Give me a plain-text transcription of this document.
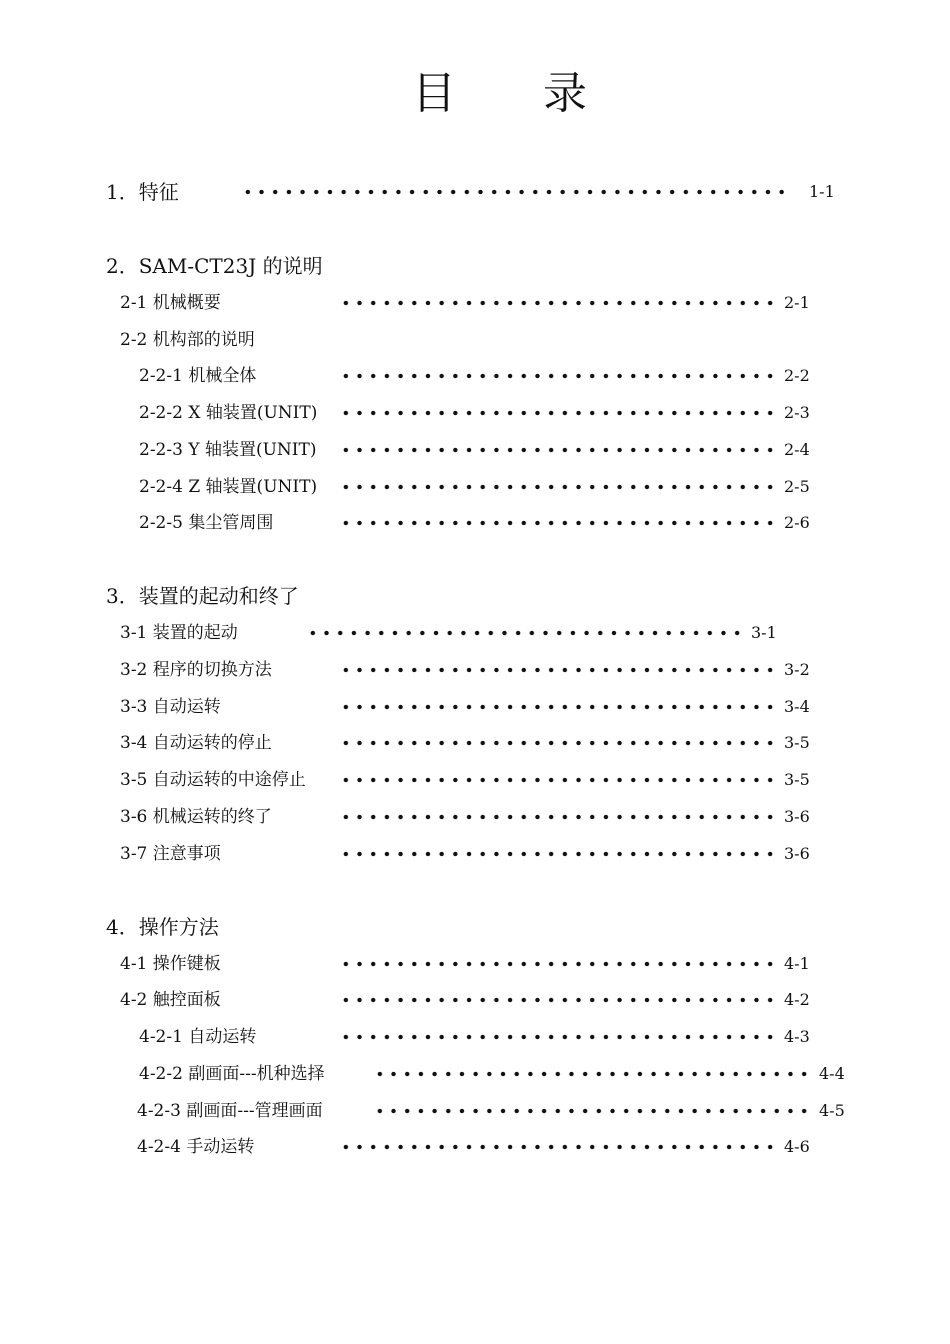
目 录
1．特征	1-1
2．SAM-CT23J 的说明
2-1 机械概要	2-1
2-2 机构部的说明
2-2-1 机械全体	2-2
2-2-2 X 轴装置(UNIT)	2-3
2-2-3 Y 轴装置(UNIT)	2-4
2-2-4 Z 轴装置(UNIT)	2-5
2-2-5 集尘管周围	2-6
3．装置的起动和终了
3-1 装置的起动	3-1
3-2 程序的切换方法	3-2
3-3 自动运转	3-4
3-4 自动运转的停止	3-5
3-5 自动运转的中途停止	3-5
3-6 机械运转的终了	3-6
3-7 注意事项	3-6
4．操作方法
4-1 操作键板	4-1
4-2 触控面板	4-2
4-2-1 自动运转	4-3
4-2-2 副画面---机种选择	4-4
4-2-3 副画面---管理画面	4-5
4-2-4 手动运转	4-6
